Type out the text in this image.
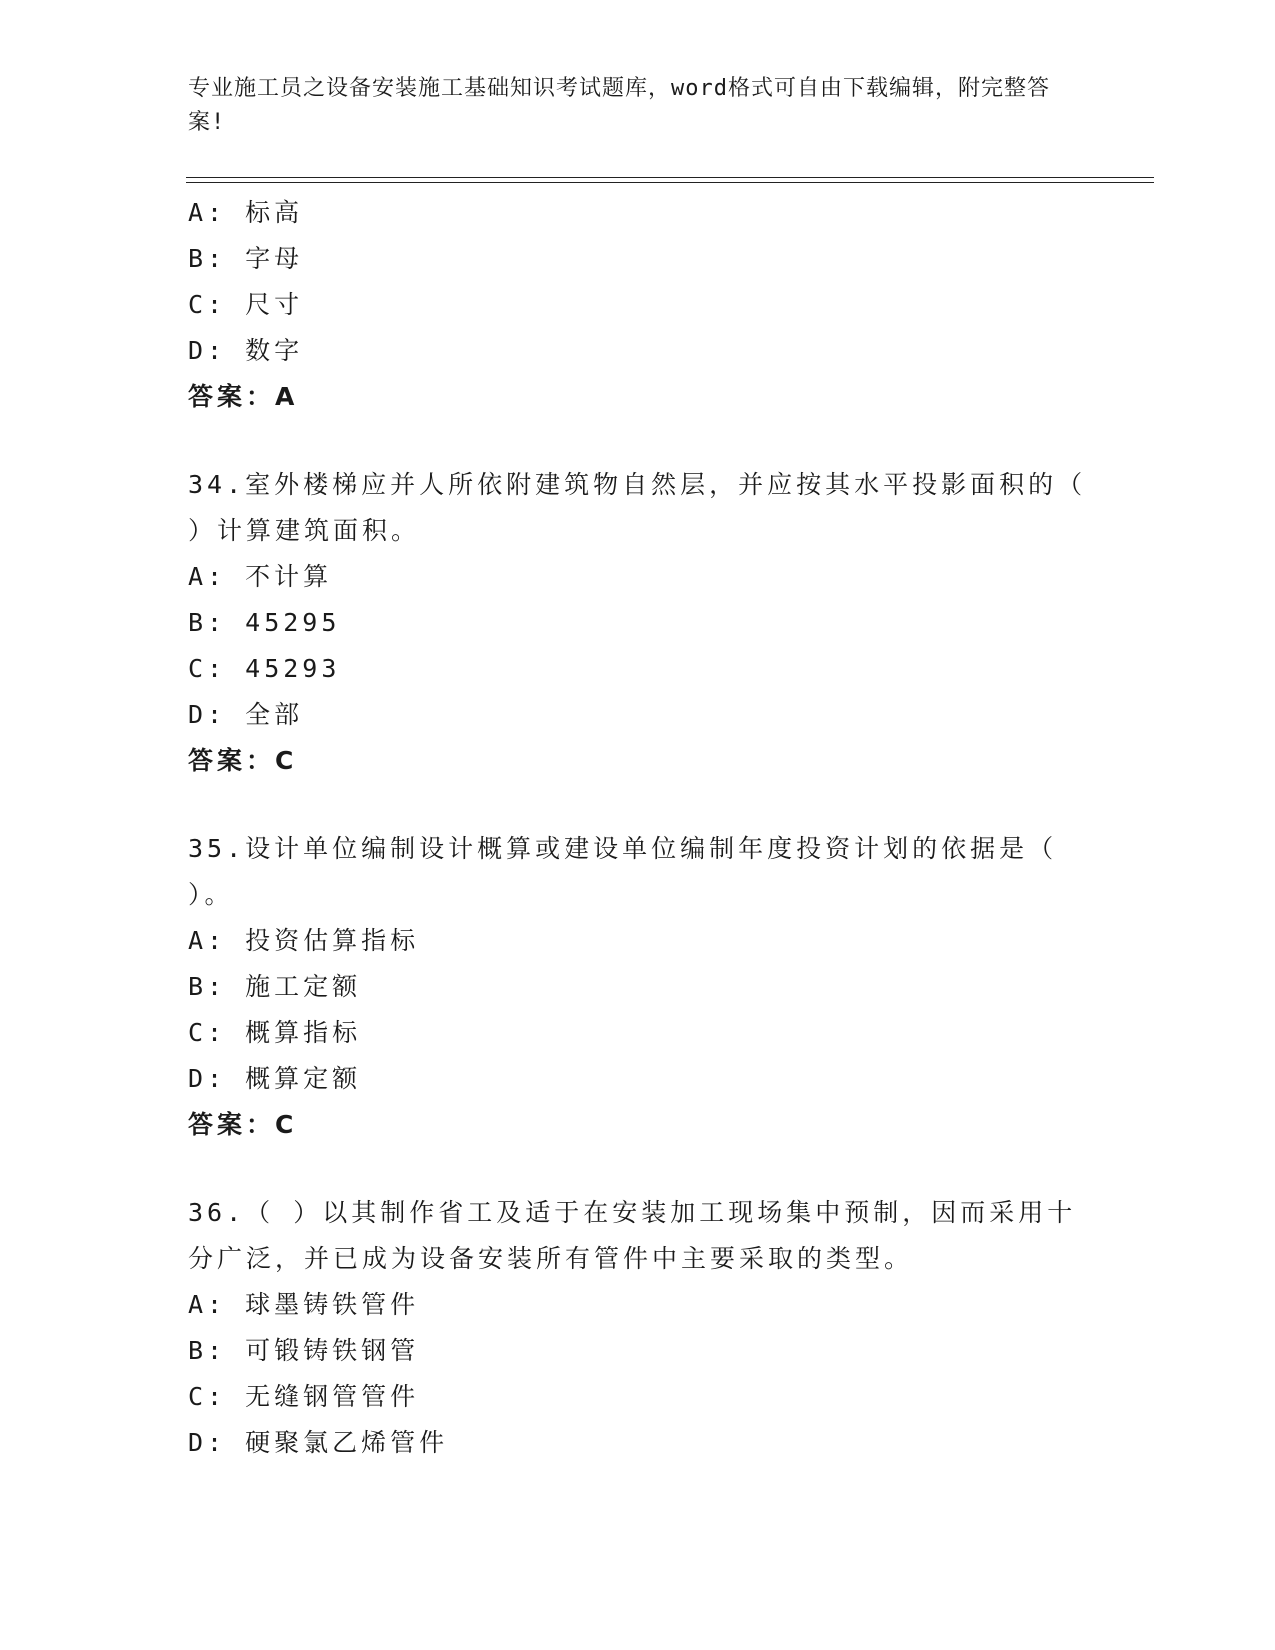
专业施工员之设备安装施工基础知识考试题库，word格式可自由下载编辑，附完整答案!
A: 标高
B: 字母
C: 尺寸
D: 数字
答案：A
34.室外楼梯应并人所依附建筑物自然层，并应按其水平投影面积的（ ）计算建筑面积。
A: 不计算
B: 45295
C: 45293
D: 全部
答案：C
35.设计单位编制设计概算或建设单位编制年度投资计划的依据是（ ）。
A: 投资估算指标
B: 施工定额
C: 概算指标
D: 概算定额
答案：C
36.（ ）以其制作省工及适于在安装加工现场集中预制，因而采用十分广泛，并已成为设备安装所有管件中主要采取的类型。
A: 球墨铸铁管件
B: 可锻铸铁钢管
C: 无缝钢管管件
D: 硬聚氯乙烯管件
